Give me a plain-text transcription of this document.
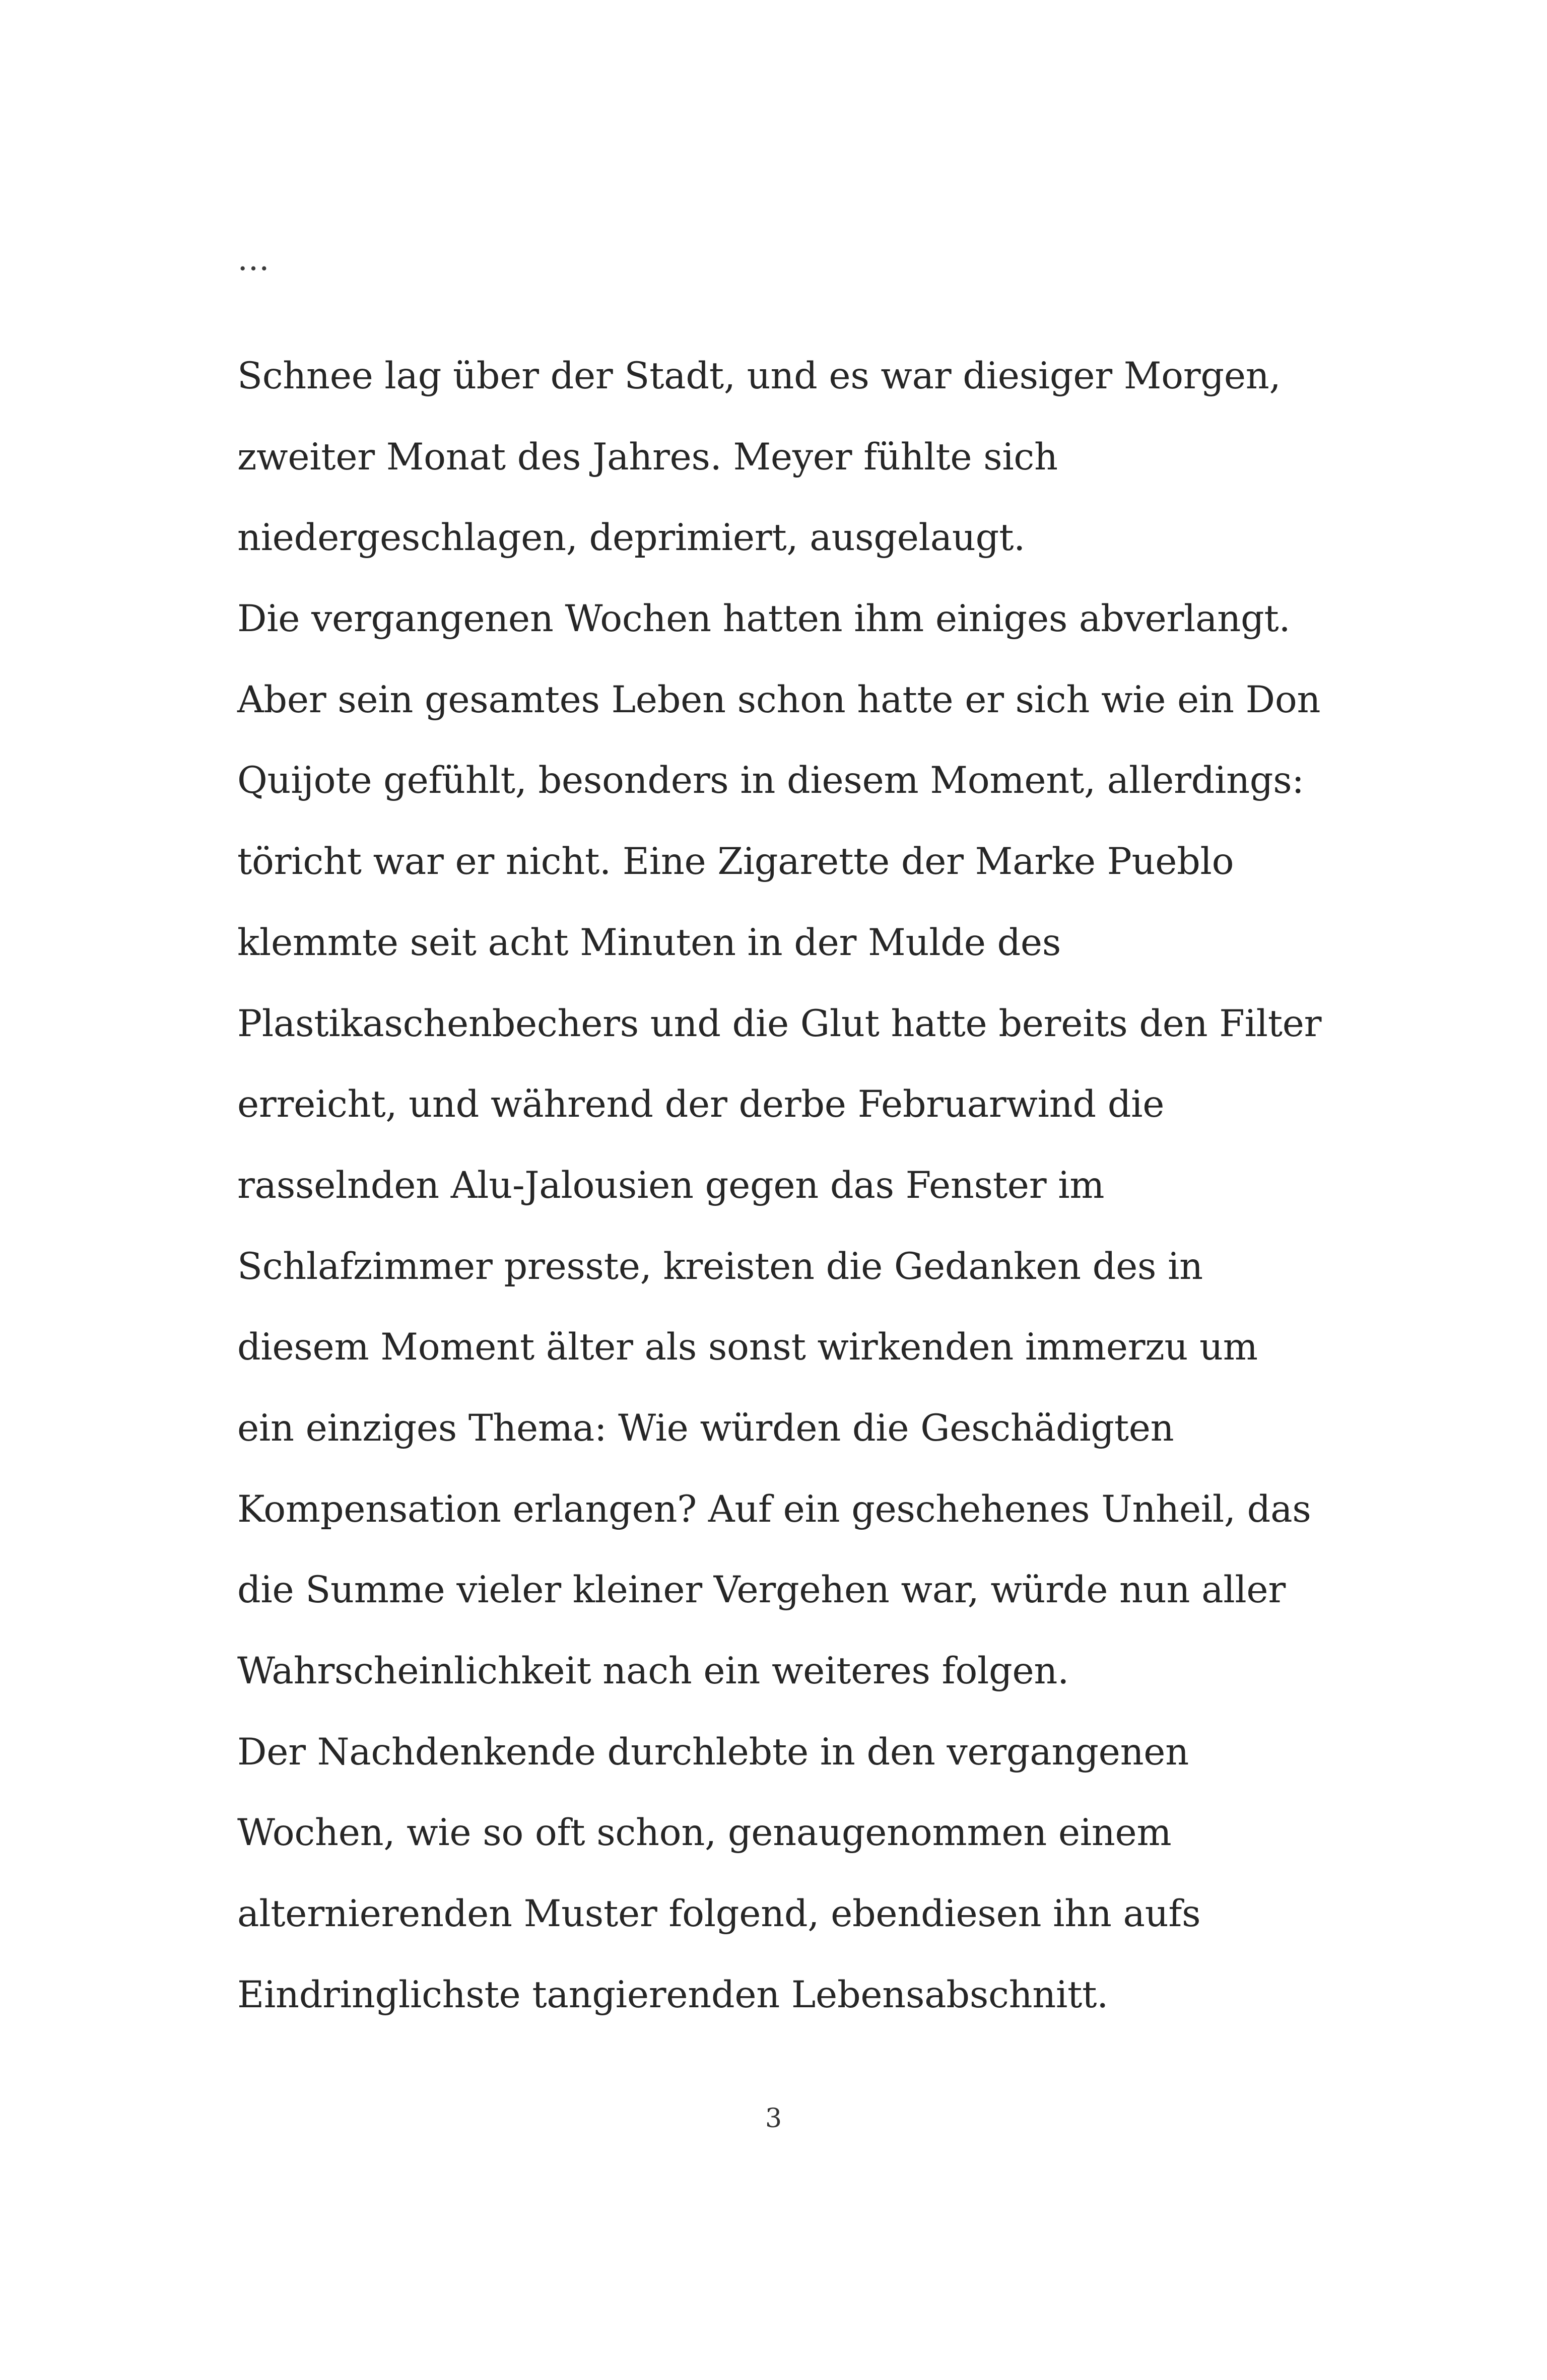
…
Schnee lag über der Stadt, und es war diesiger Morgen,
zweiter Monat des Jahres. Meyer fühlte sich
niedergeschlagen, deprimiert, ausgelaugt.
Die vergangenen Wochen hatten ihm einiges abverlangt.
Aber sein gesamtes Leben schon hatte er sich wie ein Don
Quijote gefühlt, besonders in diesem Moment, allerdings:
töricht war er nicht. Eine Zigarette der Marke Pueblo
klemmte seit acht Minuten in der Mulde des
Plastikaschenbechers und die Glut hatte bereits den Filter
erreicht, und während der derbe Februarwind die
rasselnden Alu-Jalousien gegen das Fenster im
Schlafzimmer presste, kreisten die Gedanken des in
diesem Moment älter als sonst wirkenden immerzu um
ein einziges Thema: Wie würden die Geschädigten
Kompensation erlangen? Auf ein geschehenes Unheil, das
die Summe vieler kleiner Vergehen war, würde nun aller
Wahrscheinlichkeit nach ein weiteres folgen.
Der Nachdenkende durchlebte in den vergangenen
Wochen, wie so oft schon, genaugenommen einem
alternierenden Muster folgend, ebendiesen ihn aufs
Eindringlichste tangierenden Lebensabschnitt.
3
